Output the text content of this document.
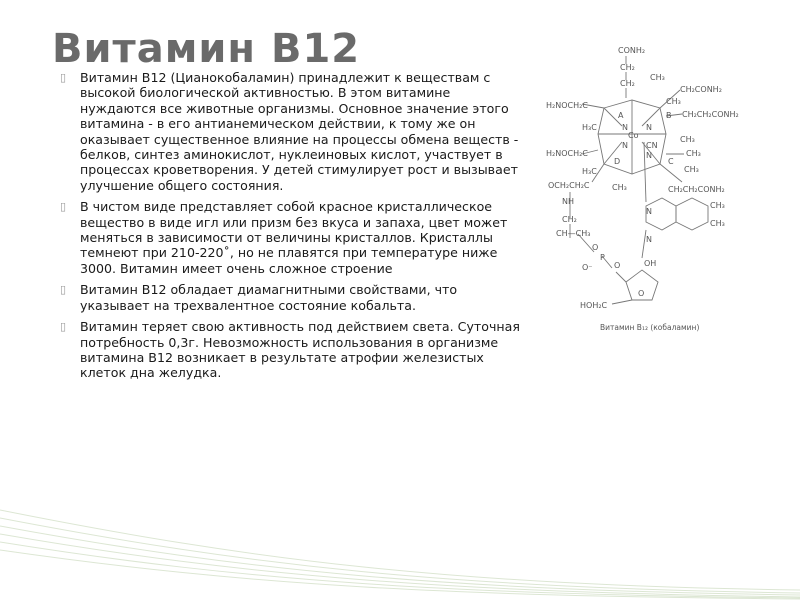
Витамин В12
▯ Витамин В12 (Цианокобаламин) принадлежит к веществам с высокой биологической активностью. В этом витамине нуждаются все животные организмы. Основное значение этого витамина - в его антианемическом действии, к тому же он оказывает существенное влияние на процессы обмена веществ - белков, синтез аминокислот, нуклеиновых кислот, участвует в процессах кроветворения. У детей стимулирует рост и вызывает улучшение общего состояния.
▯ В чистом виде представляет собой красное кристаллическое вещество в виде игл или призм без вкуса и запаха, цвет может меняться в зависимости от величины кристаллов. Кристаллы темнеют при 210-220˚, но не плавятся при температуре ниже 3000. Витамин имеет очень сложное строение
▯ Витамин В12 обладает диамагнитными свойствами, что указывает на трехвалентное состояние кобальта.
▯ Витамин теряет свою активность под действием света. Суточная потребность 0,3г. Невозможность использования в организме витамина В12 возникает в результате атрофии железистых клеток дна желудка.
CONH₂
CH₂
CH₂
CH₃
CH₂CONH₂
H₂NOCH₂C	CH₃
A	B CH₂CH₂CONH₂
H₃C	N N
Co
CN
CH₃
H₂NOCH₂C
N
N
D	C
CH₃
H₃C	CH₃
OCH₂CH₂C	CH₃	CH₂CH₂CONH₂
NH
CH₂
N
CH—CH₃
CH₃
CH₃
O
P
O
O⁻	OH
O
HOH₂C
N
Витамин B₁₂ (кобаламин)
